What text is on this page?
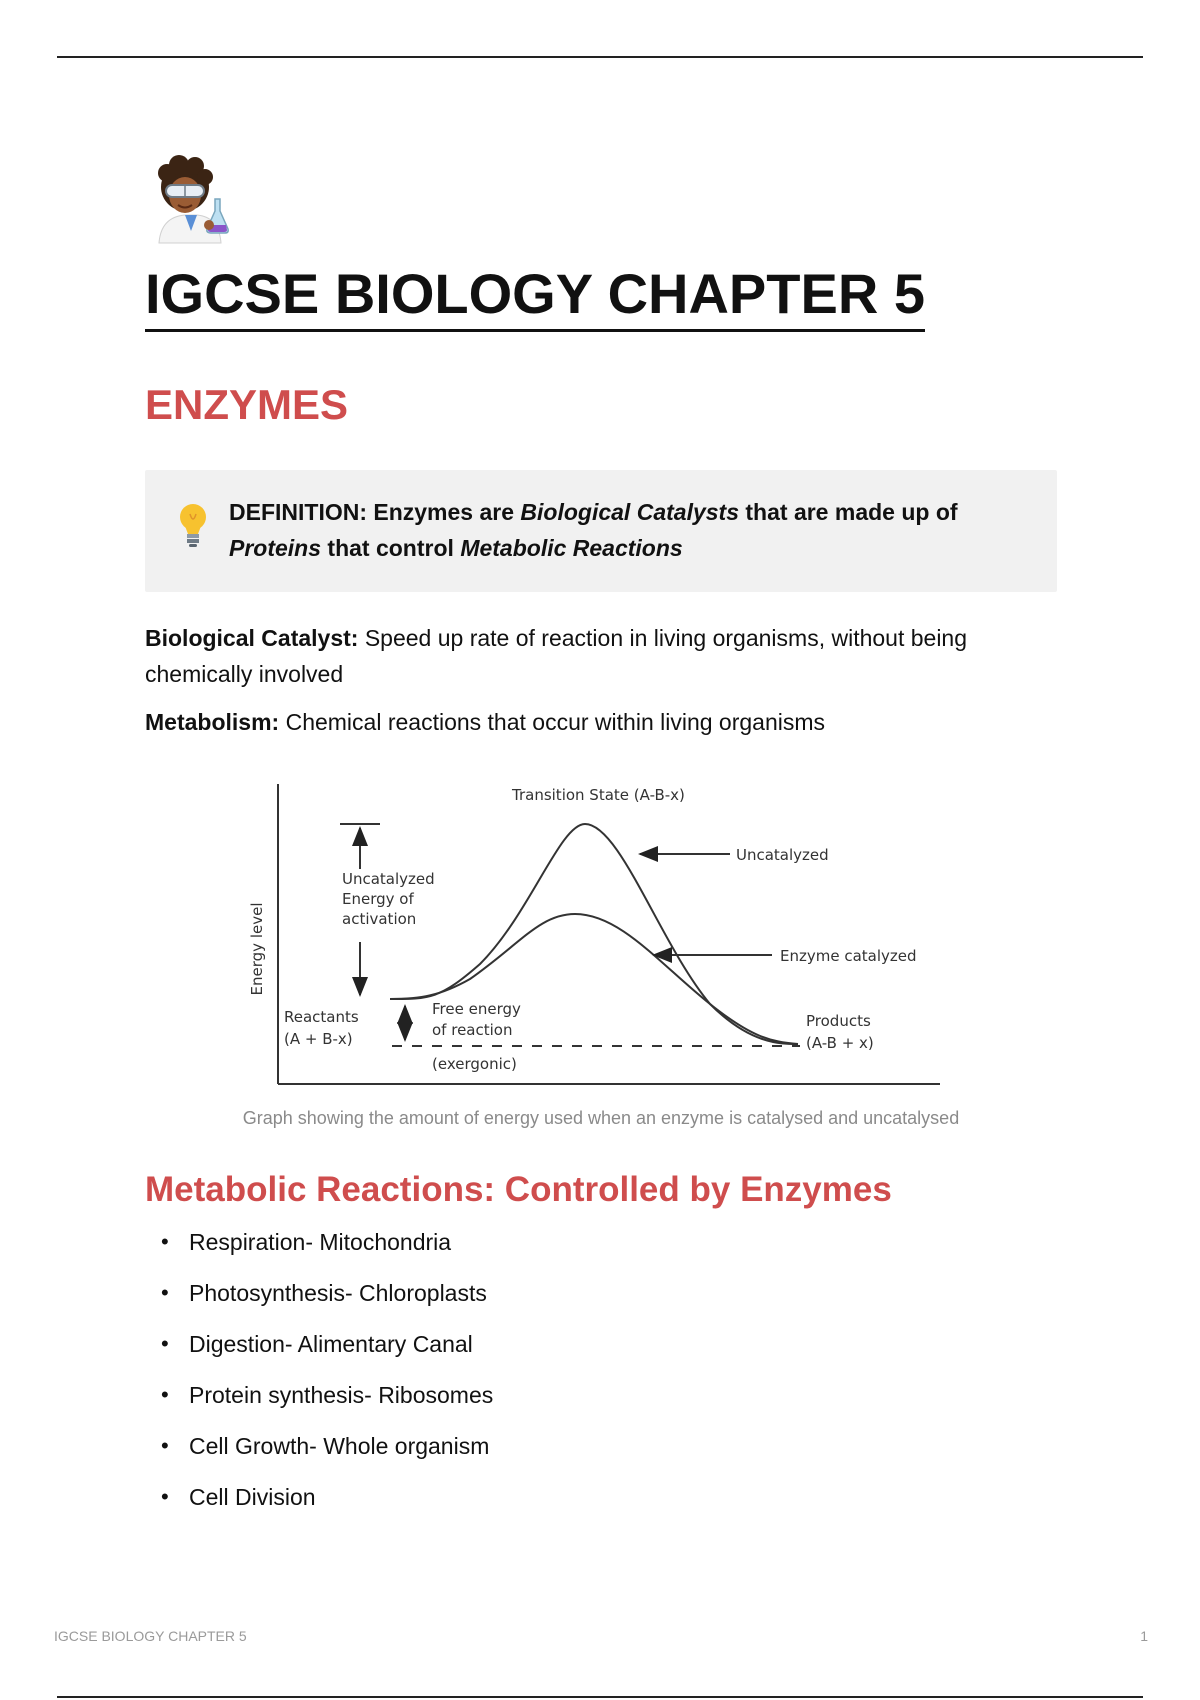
IGCSE BIOLOGY CHAPTER 5
ENZYMES
DEFINITION: Enzymes are Biological Catalysts that are made up of Proteins that control Metabolic Reactions

Biological Catalyst: Speed up rate of reaction in living organisms, without being chemically involved

Metabolism: Chemical reactions that occur within living organisms

Energy level
Uncatalyzed
Energy of
activation
Free energy
of reaction
(exergonic)
Reactants
(A + B-x)
Products
(A-B + x)
Transition State (A-B-x)
Uncatalyzed
Enzyme catalyzed
Graph showing the amount of energy used when an enzyme is catalysed and uncatalysed
Metabolic Reactions: Controlled by Enzymes
• Respiration- Mitochondria
• Photosynthesis- Chloroplasts
• Digestion- Alimentary Canal
• Protein synthesis- Ribosomes
• Cell Growth- Whole organism
• Cell Division
IGCSE BIOLOGY CHAPTER 5	1
